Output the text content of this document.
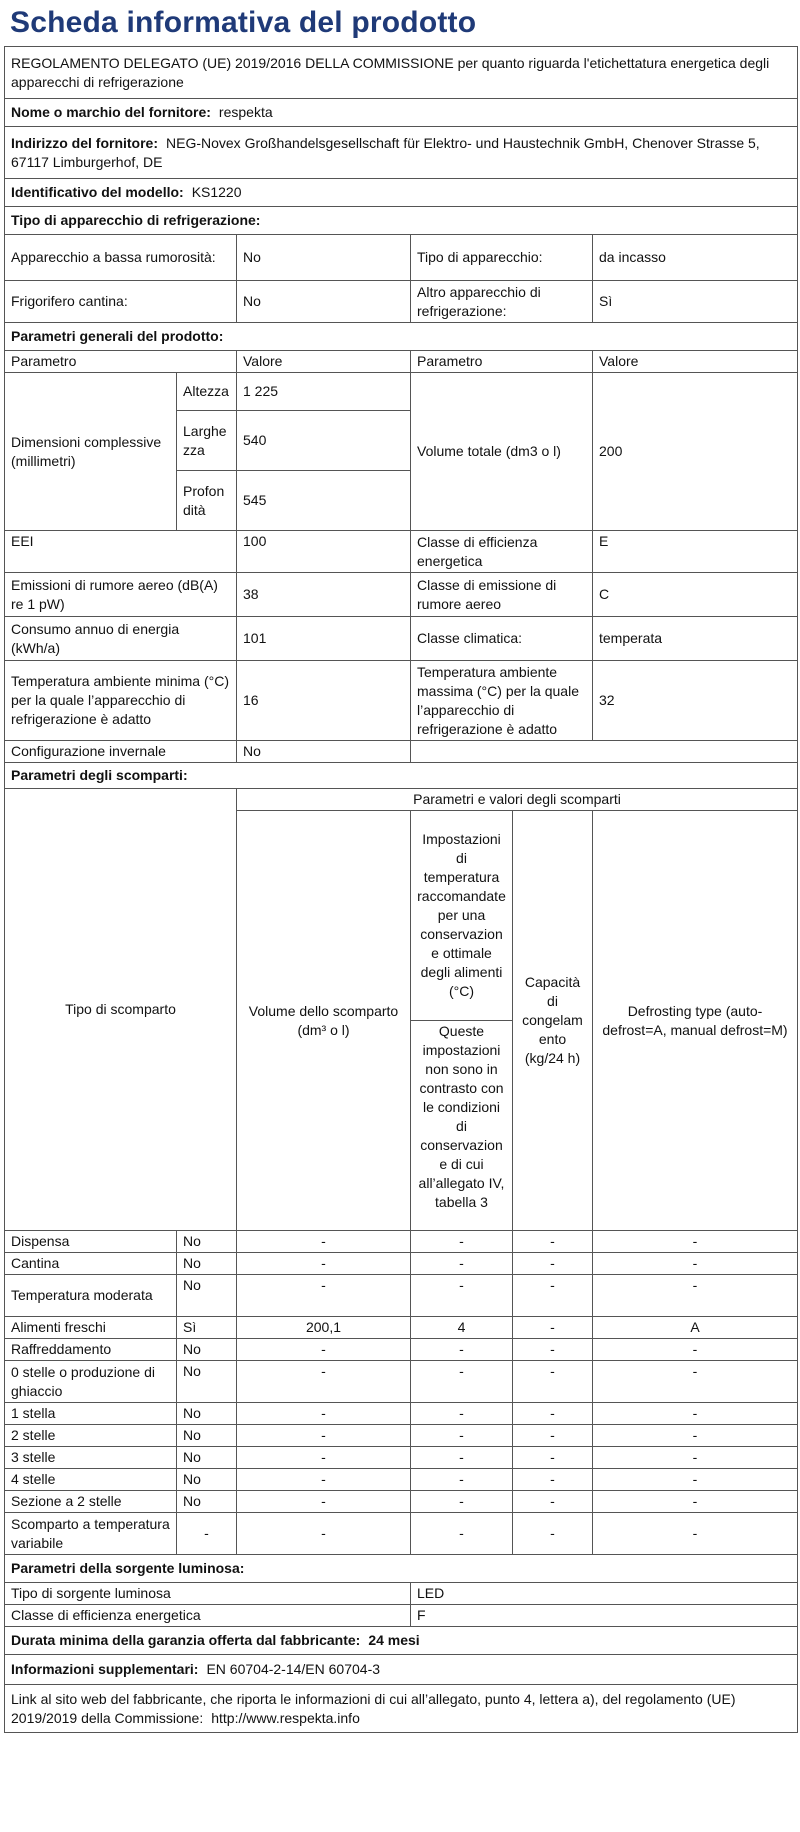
Scheda informativa del prodotto
REGOLAMENTO DELEGATO (UE) 2019/2016 DELLA COMMISSIONE per quanto riguarda l'etichettatura energetica degli apparecchi di refrigerazione					
Nome o marchio del fornitore: respekta					
Indirizzo del fornitore: NEG-Novex Großhandelsgesellschaft für Elektro- und Haustechnik GmbH, Chenover Strasse 5, 67117 Limburgerhof, DE					
Identificativo del modello: KS1220					
Tipo di apparecchio di refrigerazione:					
Apparecchio a bassa rumorosità:		No	Tipo di apparecchio:		da incasso
Frigorifero cantina:		No	Altro apparecchio di refrigerazione:		Sì
Parametri generali del prodotto:					
Parametro		Valore	Parametro		Valore
Dimensioni complessive (millimetri)	Altezza	1 225	Volume totale (dm3 o l)		200
	Larghezza	540			
	Profondità	545			
EEI		100	Classe di efficienza energetica		E
Emissioni di rumore aereo (dB(A) re 1 pW)		38	Classe di emissione di rumore aereo		C
Consumo annuo di energia (kWh/a)		101	Classe climatica:		temperata
Temperatura ambiente minima (°C) per la quale l’apparecchio di refrigerazione è adatto		16	Temperatura ambiente massima (°C) per la quale l’apparecchio di refrigerazione è adatto		32
Configurazione invernale		No			
Parametri degli scomparti:					
Tipo di scomparto		Parametri e valori degli scomparti			
		Volume dello scomparto (dm³ o l)	Impostazioni di temperatura raccomandate per una conservazione ottimale degli alimenti (°C)	Capacità di congelamento (kg/24 h)	Defrosting type (auto-defrost=A, manual defrost=M)
			Queste impostazioni non sono in contrasto con le condizioni di conservazione di cui all’allegato IV, tabella 3		
Dispensa	No	-	-	-	-
Cantina	No	-	-	-	-
Temperatura moderata	No	-	-	-	-
Alimenti freschi	Sì	200,1	4	-	A
Raffreddamento	No	-	-	-	-
0 stelle o produzione di ghiaccio	No	-	-	-	-
1 stella	No	-	-	-	-
2 stelle	No	-	-	-	-
3 stelle	No	-	-	-	-
4 stelle	No	-	-	-	-
Sezione a 2 stelle	No	-	-	-	-
Scomparto a temperatura variabile	-	-	-	-	-
Parametri della sorgente luminosa:					
Tipo di sorgente luminosa			LED		
Classe di efficienza energetica			F		
Durata minima della garanzia offerta dal fabbricante: 24 mesi					
Informazioni supplementari: EN 60704-2-14/EN 60704-3					
Link al sito web del fabbricante, che riporta le informazioni di cui all’allegato, punto 4, lettera a), del regolamento (UE) 2019/2019 della Commissione: http://www.respekta.info					
